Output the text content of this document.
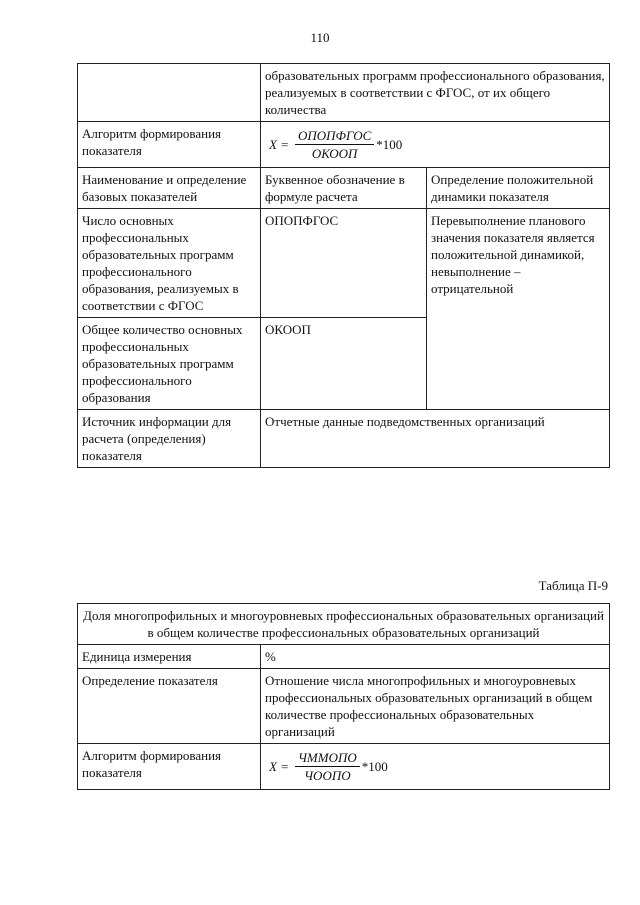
110
	образовательных программ профессионального образования, реализуемых в соответствии с ФГОС, от их общего количества	
Алгоритм формирования показателя	$X = \frac{\text{ОПОПФГОС}}{\text{ОКООП}} *100$	

Наименование и определение базовых показателей	Буквенное обозначение в формуле расчета	Определение положительной динамики показателя
Число основных профессиональных образовательных программ профессионального образования, реализуемых в соответствии с ФГОС	ОПОПФГОС	Перевыполнение планового значения показателя является положительной динамикой, невыполнение – отрицательной
Общее количество основных профессиональных образовательных программ профессионального образования	ОКООП	
Источник информации для расчета (определения) показателя	Отчетные данные подведомственных организаций	
Таблица П-9
Доля многопрофильных и многоуровневых профессиональных образовательных организаций в общем количестве профессиональных образовательных организаций	
Единица измерения	%
Определение показателя	Отношение числа многопрофильных и многоуровневых профессиональных образовательных организаций в общем количестве профессиональных образовательных организаций
Алгоритм формирования показателя	$X = \frac{\text{ЧММОПО}}{\text{ЧООПО}} *100$
